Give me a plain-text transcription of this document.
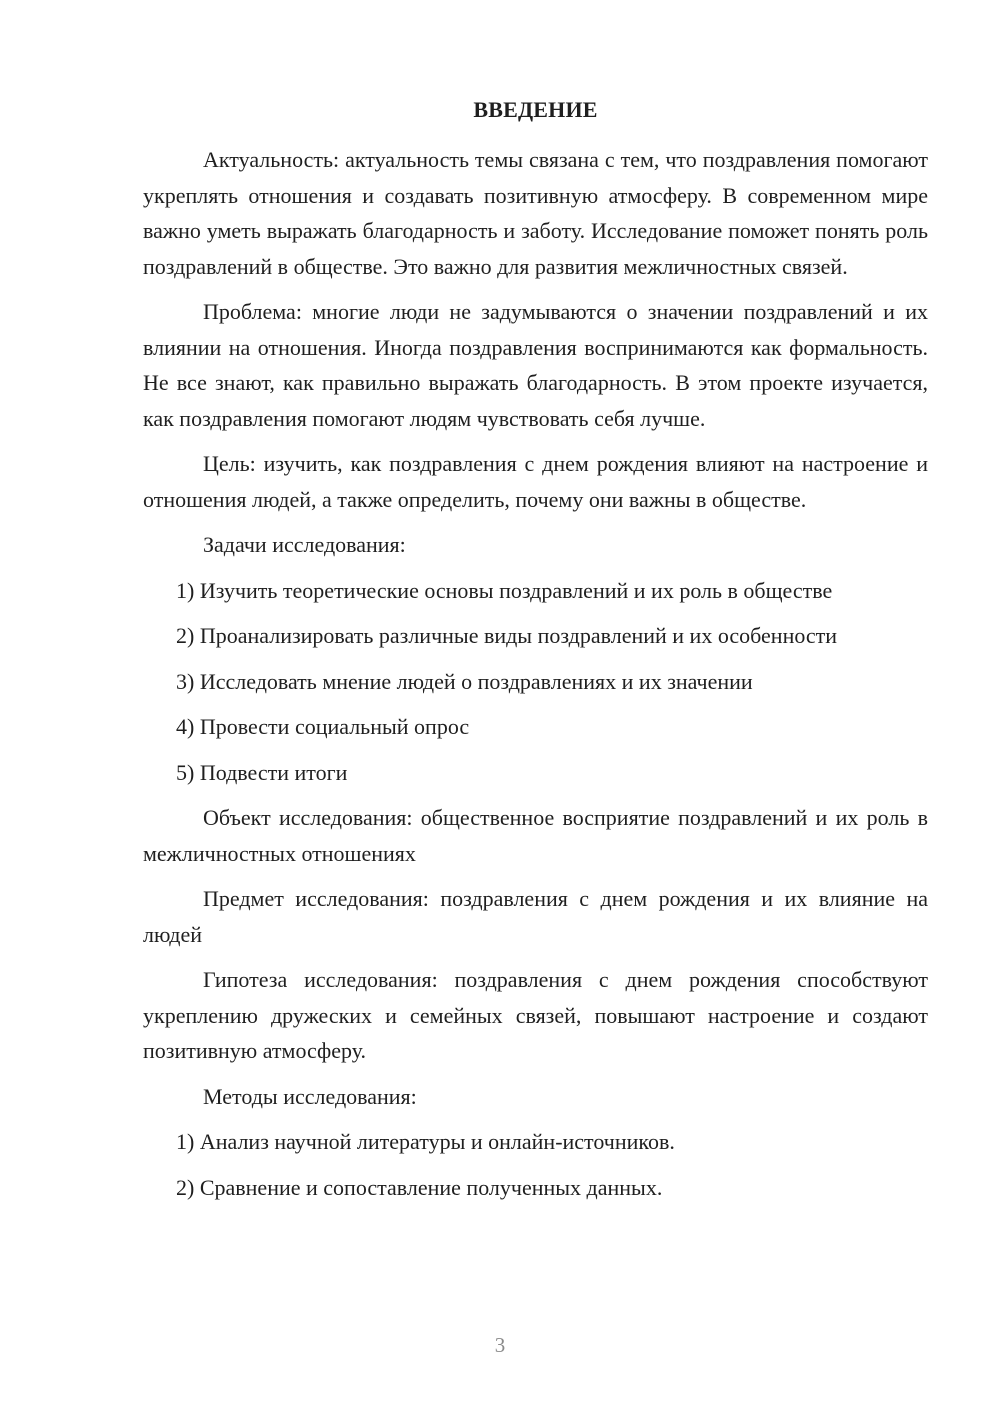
ВВЕДЕНИЕ

Актуальность: актуальность темы связана с тем, что поздравления помогают укреплять отношения и создавать позитивную атмосферу. В современном мире важно уметь выражать благодарность и заботу. Исследование поможет понять роль поздравлений в обществе. Это важно для развития межличностных связей.

Проблема: многие люди не задумываются о значении поздравлений и их влиянии на отношения. Иногда поздравления воспринимаются как формальность. Не все знают, как правильно выражать благодарность. В этом проекте изучается, как поздравления помогают людям чувствовать себя лучше.

Цель: изучить, как поздравления с днем рождения влияют на настроение и отношения людей, а также определить, почему они важны в обществе.

Задачи исследования:

1) Изучить теоретические основы поздравлений и их роль в обществе
2) Проанализировать различные виды поздравлений и их особенности
3) Исследовать мнение людей о поздравлениях и их значении
4) Провести социальный опрос
5) Подвести итоги

Объект исследования: общественное восприятие поздравлений и их роль в межличностных отношениях

Предмет исследования: поздравления с днем рождения и их влияние на людей

Гипотеза исследования: поздравления с днем рождения способствуют укреплению дружеских и семейных связей, повышают настроение и создают позитивную атмосферу.

Методы исследования:

1) Анализ научной литературы и онлайн-источников.
2) Сравнение и сопоставление полученных данных.
3
